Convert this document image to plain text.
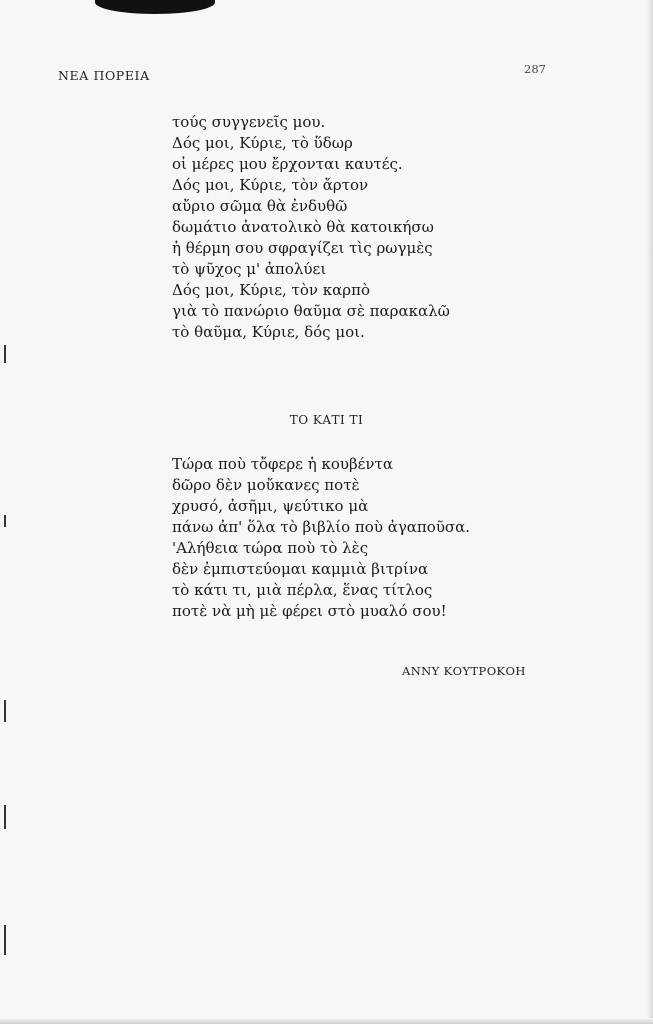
ΝΕΑ ΠΟΡΕΙΑ	287
τούς συγγενεῖς μου.
Δός μοι, Κύριε, τὸ ὕδωρ
οἱ μέρες μου ἔρχονται καυτές.
Δός μοι, Κύριε, τὸν ἄρτον
αὔριο σῶμα θὰ ἐνδυθῶ
δωμάτιο ἀνατολικὸ θὰ κατοικήσω
ἡ θέρμη σου σφραγίζει τὶς ρωγμὲς
τὸ ψῦχος μ' ἀπολύει
Δός μοι, Κύριε, τὸν καρπὸ
γιὰ τὸ πανώριο θαῦμα σὲ παρακαλῶ
τὸ θαῦμα, Κύριε, δός μοι.
ΤΟ ΚΑΤΙ ΤΙ
Τώρα ποὺ τὄφερε ἡ κουβέντα
δῶρο δὲν μοὔκανες ποτὲ
χρυσό, ἀσῆμι, ψεύτικο μὰ
πάνω ἀπ' ὅλα τὸ βιβλίο ποὺ ἀγαποῦσα.
'Αλήθεια τώρα ποὺ τὸ λὲς
δὲν ἐμπιστεύομαι καμμιὰ βιτρίνα
τὸ κάτι τι, μιὰ πέρλα, ἕνας τίτλος
ποτὲ νὰ μὴ μὲ φέρει στὸ μυαλό σου!
ΑΝΝΥ ΚΟΥΤΡΟΚΟΗ
